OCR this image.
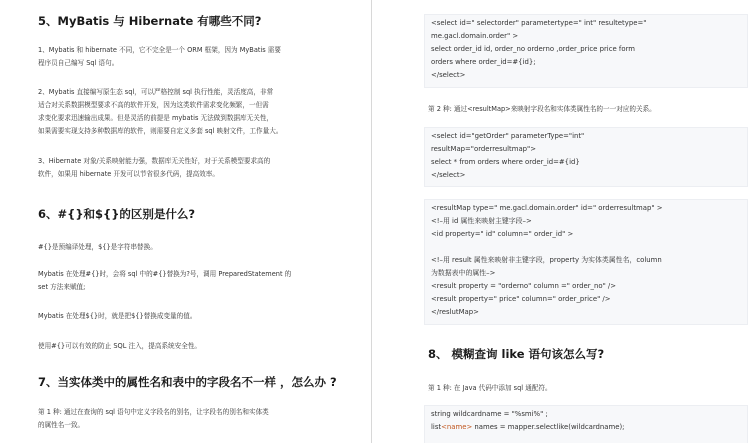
5、MyBatis 与 Hibernate 有哪些不同?
1、Mybatis 和 hibernate 不同，它不完全是一个 ORM 框架，因为 MyBatis 需要
程序员自己编写 Sql 语句。
2、Mybatis 直接编写原生态 sql，可以严格控制 sql 执行性能，灵活度高，非常
适合对关系数据模型要求不高的软件开发，因为这类软件需求变化频繁，一但需
求变化要求迅速输出成果。但是灵活的前提是 mybatis 无法做到数据库无关性，
如果需要实现支持多种数据库的软件，则需要自定义多套 sql 映射文件，工作量大。
3、Hibernate 对象/关系映射能力强，数据库无关性好，对于关系模型要求高的
软件，如果用 hibernate 开发可以节省很多代码，提高效率。
6、#{}和${}的区别是什么?
#{}是预编译处理，${}是字符串替换。
Mybatis 在处理#{}时，会将 sql 中的#{}替换为?号，调用 PreparedStatement 的
set 方法来赋值;
Mybatis 在处理${}时，就是把${}替换成变量的值。
使用#{}可以有效的防止 SQL 注入，提高系统安全性。
7、当实体类中的属性名和表中的字段名不一样 ，怎么办 ?
第 1 种: 通过在查询的 sql 语句中定义字段名的别名，让字段名的别名和实体类
的属性名一致。
<select id=" selectorder" parametertype=" int" resultetype="
me.gacl.domain.order" >
select order_id id, order_no orderno ,order_price price form
orders where order_id=#{id};
</select>
第 2 种: 通过<resultMap>来映射字段名和实体类属性名的一一对应的关系。
<select id="getOrder" parameterType="int"
resultMap="orderresultmap">
select * from orders where order_id=#{id}
</select>
<resultMap type=" me.gacl.domain.order" id=" orderresultmap" >
<!–用 id 属性来映射主键字段–>
<id property=" id" column=" order_id" >
<!–用 result 属性来映射非主键字段，property 为实体类属性名，column
为数据表中的属性–>
<result property = "orderno" column =" order_no" />
<result property=" price" column=" order_price" />
</reslutMap>
8、 模糊查询 like 语句该怎么写?
第 1 种: 在 Java 代码中添加 sql 通配符。
string wildcardname = "%smi%" ;
list<name> names = mapper.selectlike(wildcardname);
